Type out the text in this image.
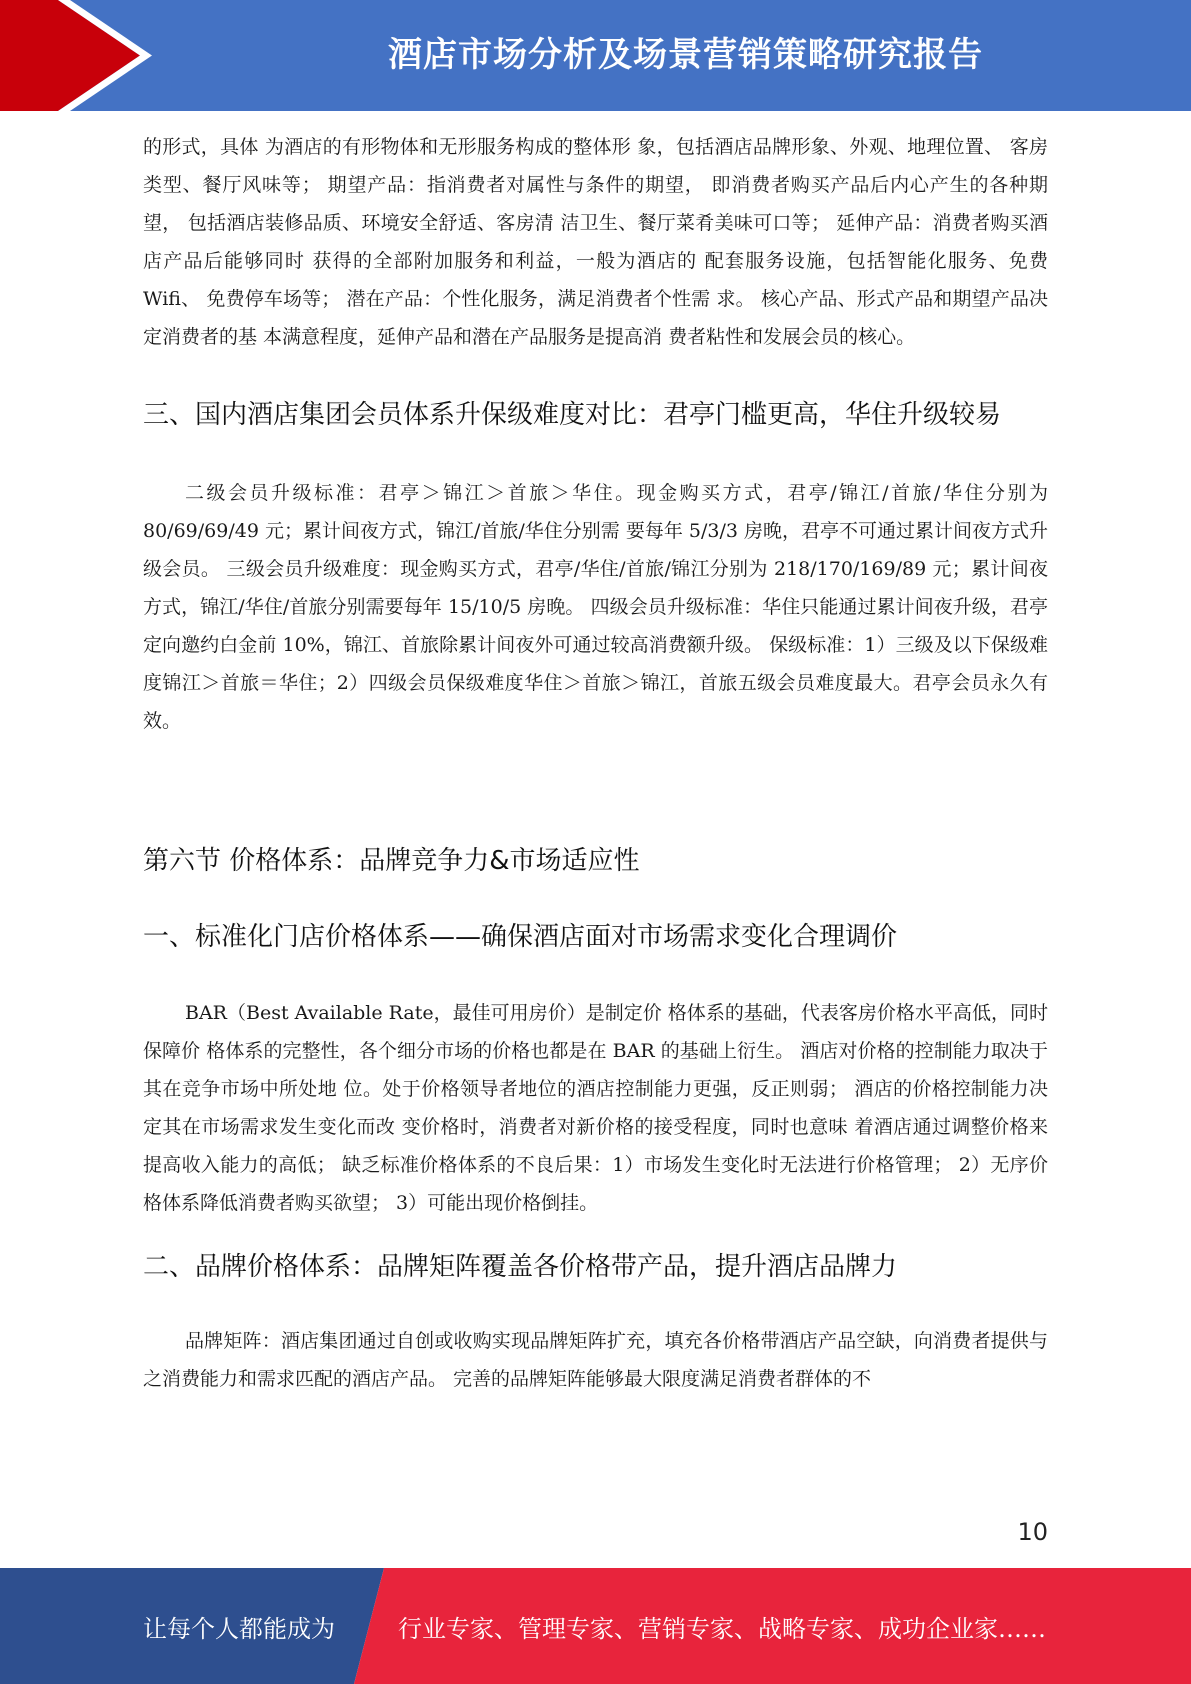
酒店市场分析及场景营销策略研究报告

的形式，具体 为酒店的有形物体和无形服务构成的整体形 象，包括酒店品牌形象、外观、地理位置、 客房类型、餐厅风味等； 期望产品：指消费者对属性与条件的期望， 即消费者购买产品后内心产生的各种期望， 包括酒店装修品质、环境安全舒适、客房清 洁卫生、餐厅菜肴美味可口等； 延伸产品：消费者购买酒店产品后能够同时 获得的全部附加服务和利益，一般为酒店的 配套服务设施，包括智能化服务、免费 Wifi、 免费停车场等； 潜在产品：个性化服务，满足消费者个性需 求。 核心产品、形式产品和期望产品决定消费者的基 本满意程度，延伸产品和潜在产品服务是提高消 费者粘性和发展会员的核心。

三、国内酒店集团会员体系升保级难度对比：君亭门槛更高，华住升级较易

二级会员升级标准：君亭＞锦江＞首旅＞华住。现金购买方式，君亭/锦江/首旅/华住分别为 80/69/69/49 元；累计间夜方式，锦江/首旅/华住分别需 要每年 5/3/3 房晚，君亭不可通过累计间夜方式升级会员。 三级会员升级难度：现金购买方式，君亭/华住/首旅/锦江分别为 218/170/169/89 元；累计间夜方式，锦江/华住/首旅分别需要每年 15/10/5 房晚。 四级会员升级标准：华住只能通过累计间夜升级，君亭定向邀约白金前 10%，锦江、首旅除累计间夜外可通过较高消费额升级。 保级标准：1）三级及以下保级难度锦江＞首旅＝华住；2）四级会员保级难度华住＞首旅＞锦江，首旅五级会员难度最大。君亭会员永久有效。

第六节 价格体系：品牌竞争力&市场适应性
一、标准化门店价格体系——确保酒店面对市场需求变化合理调价

BAR（Best Available Rate，最佳可用房价）是制定价 格体系的基础，代表客房价格水平高低，同时保障价 格体系的完整性，各个细分市场的价格也都是在 BAR 的基础上衍生。 酒店对价格的控制能力取决于其在竞争市场中所处地 位。处于价格领导者地位的酒店控制能力更强，反正则弱； 酒店的价格控制能力决定其在市场需求发生变化而改 变价格时，消费者对新价格的接受程度，同时也意味 着酒店通过调整价格来提高收入能力的高低； 缺乏标准价格体系的不良后果：1）市场发生变化时无法进行价格管理； 2）无序价格体系降低消费者购买欲望； 3）可能出现价格倒挂。

二、品牌价格体系：品牌矩阵覆盖各价格带产品，提升酒店品牌力

品牌矩阵：酒店集团通过自创或收购实现品牌矩阵扩充，填充各价格带酒店产品空缺，向消费者提供与之消费能力和需求匹配的酒店产品。 完善的品牌矩阵能够最大限度满足消费者群体的不

10
让每个人都能成为	行业专家、管理专家、营销专家、战略专家、成功企业家……
